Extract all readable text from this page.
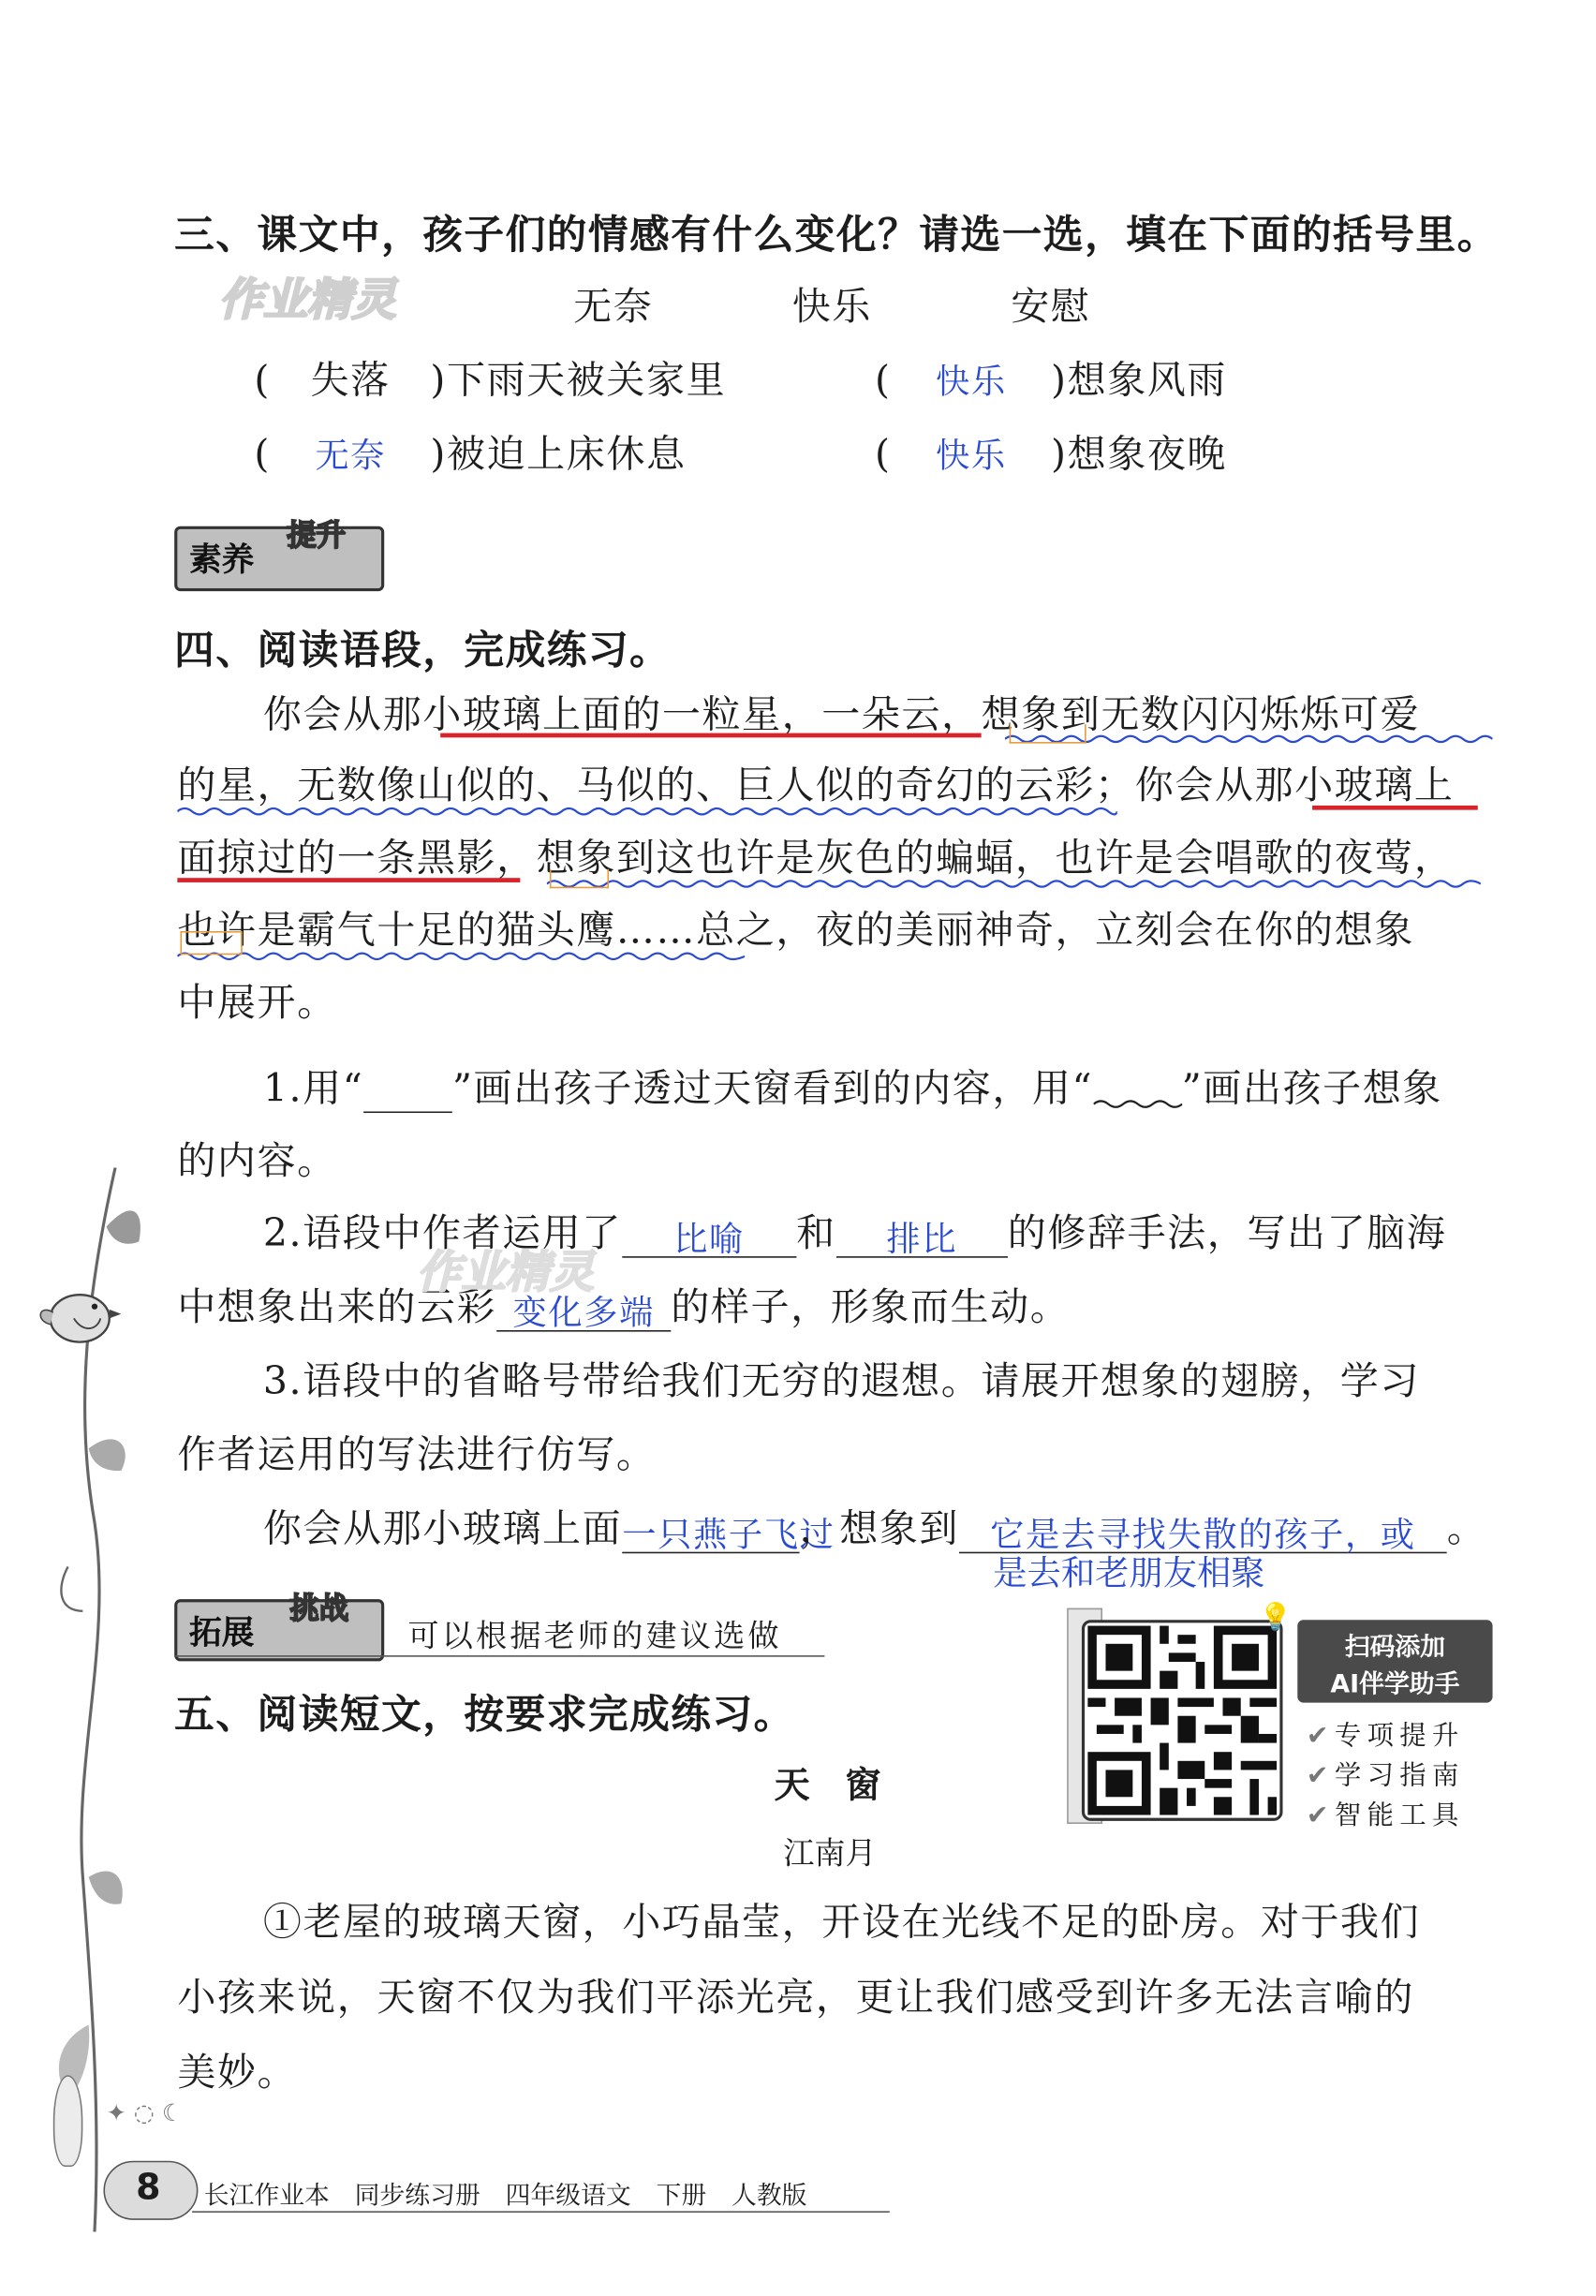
三、课文中，孩子们的情感有什么变化？请选一选，填在下面的括号里。
作业精灵	无奈	快乐	安慰
( 失落 )下雨天被关家里	( 快乐 )想象风雨
( 无奈 )被迫上床休息	( 快乐 )想象夜晚
素养
提升
四、阅读语段，完成练习。
你会从那小玻璃上面的一粒星，一朵云，想象到无数闪闪烁烁可爱
的星，无数像山似的、马似的、巨人似的奇幻的云彩；你会从那小玻璃上
面掠过的一条黑影，想象到这也许是灰色的蝙蝠，也许是会唱歌的夜莺，
也许是霸气十足的猫头鹰……总之，夜的美丽神奇，立刻会在你的想象
中展开。
1.用“	”画出孩子透过天窗看到的内容，用“	”画出孩子想象
的内容。
2.语段中作者运用了 比喻 和 排比 的修辞手法，写出了脑海
中想象出来的云彩 变化多端 的样子，形象而生动。
作业精灵
3.语段中的省略号带给我们无穷的遐想。请展开想象的翅膀，学习
作者运用的写法进行仿写。
你会从那小玻璃上面一只燕子飞过，想象到 它是去寻找失散的孩子，或 。
是去和老朋友相聚
拓展
挑战
可以根据老师的建议选做
💡
扫码添加
AI伴学助手
✔专项提升
✔学习指南
✔智能工具
五、阅读短文，按要求完成练习。
天　窗
江南月
①老屋的玻璃天窗，小巧晶莹，开设在光线不足的卧房。对于我们
小孩来说，天窗不仅为我们平添光亮，更让我们感受到许多无法言喻的
美妙。
✦ ◌ ☾
8	长江作业本　同步练习册　四年级语文　下册　人教版
